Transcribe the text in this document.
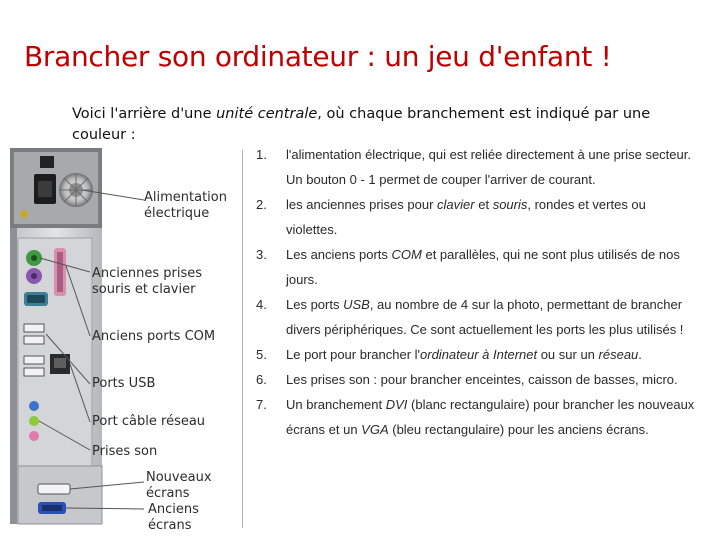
Brancher son ordinateur : un jeu d'enfant !
Voici l'arrière d'une unité centrale, où chaque branchement est indiqué par une couleur :
Alimentation
électrique
Anciennes prises
souris et clavier
Anciens ports COM
Ports USB
Port câble réseau
Prises son
Nouveaux
écrans
Anciens écrans
1. l'alimentation électrique, qui est reliée directement à une prise secteur. Un bouton 0 - 1 permet de couper l'arriver de courant.
2. les anciennes prises pour clavier et souris, rondes et vertes ou violettes.
3. Les anciens ports COM et parallèles, qui ne sont plus utilisés de nos jours.
4. Les ports USB, au nombre de 4 sur la photo, permettant de brancher divers périphériques. Ce sont actuellement les ports les plus utilisés !
5. Le port pour brancher l'ordinateur à Internet ou sur un réseau.
6. Les prises son : pour brancher enceintes, caisson de basses, micro.
7. Un branchement DVI (blanc rectangulaire) pour brancher les nouveaux écrans et un VGA (bleu rectangulaire) pour les anciens écrans.
